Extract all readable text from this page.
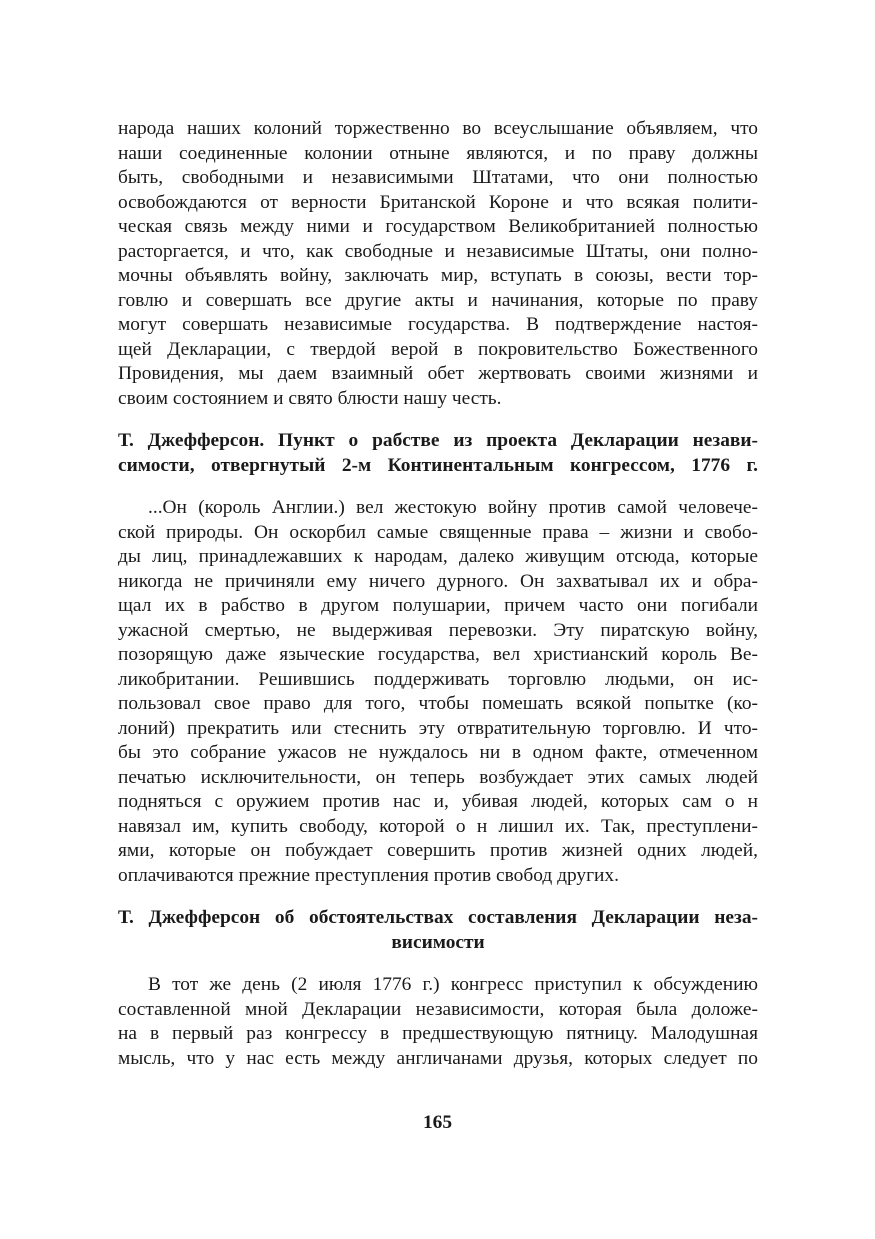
народа наших колоний торжественно во всеуслышание объявляем, что
наши соединенные колонии отныне являются, и по праву должны
быть, свободными и независимыми Штатами, что они полностью
освобождаются от верности Британской Короне и что всякая полити-
ческая связь между ними и государством Великобританией полностью
расторгается, и что, как свободные и независимые Штаты, они полно-
мочны объявлять войну, заключать мир, вступать в союзы, вести тор-
говлю и совершать все другие акты и начинания, которые по праву
могут совершать независимые государства. В подтверждение настоя-
щей Декларации, с твердой верой в покровительство Божественного
Провидения, мы даем взаимный обет жертвовать своими жизнями и
своим состоянием и свято блюсти нашу честь.
Т. Джефферсон. Пункт о рабстве из проекта Декларации незави-
симости, отвергнутый 2-м Континентальным конгрессом, 1776 г.
...Он (король Англии.) вел жестокую войну против самой человече-
ской природы. Он оскорбил самые священные права – жизни и свобо-
ды лиц, принадлежавших к народам, далеко живущим отсюда, которые
никогда не причиняли ему ничего дурного. Он захватывал их и обра-
щал их в рабство в другом полушарии, причем часто они погибали
ужасной смертью, не выдерживая перевозки. Эту пиратскую войну,
позорящую даже языческие государства, вел христианский король Ве-
ликобритании. Решившись поддерживать торговлю людьми, он ис-
пользовал свое право для того, чтобы помешать всякой попытке (ко-
лоний) прекратить или стеснить эту отвратительную торговлю. И что-
бы это собрание ужасов не нуждалось ни в одном факте, отмеченном
печатью исключительности, он теперь возбуждает этих самых людей
подняться с оружием против нас и, убивая людей, которых сам о н
навязал им, купить свободу, которой о н лишил их. Так, преступлени-
ями, которые он побуждает совершить против жизней одних людей,
оплачиваются прежние преступления против свобод других.
Т. Джефферсон об обстоятельствах составления Декларации неза-
висимости
В тот же день (2 июля 1776 г.) конгресс приступил к обсуждению
составленной мной Декларации независимости, которая была доложе-
на в первый раз конгрессу в предшествующую пятницу. Малодушная
мысль, что у нас есть между англичанами друзья, которых следует по
165
